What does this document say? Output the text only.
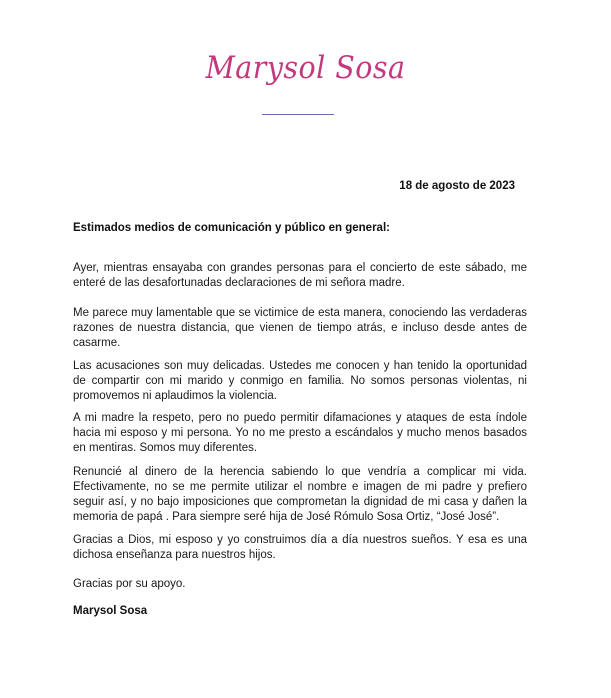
Marysol Sosa
18 de agosto de 2023
Estimados medios de comunicación y público en general:
Ayer, mientras ensayaba con grandes personas para el concierto de este sábado, me enteré de las desafortunadas declaraciones de mi señora madre.
Me parece muy lamentable que se victimice de esta manera, conociendo las verdaderas razones de nuestra distancia, que vienen de tiempo atrás, e incluso desde antes de casarme.
Las acusaciones son muy delicadas. Ustedes me conocen y han tenido la oportunidad de compartir con mi marido y conmigo en familia. No somos personas violentas, ni promovemos ni aplaudimos la violencia.
A mi madre la respeto, pero no puedo permitir difamaciones y ataques de esta índole hacia mi esposo y mi persona. Yo no me presto a escándalos y mucho menos basados en mentiras. Somos muy diferentes.
Renuncié al dinero de la herencia sabiendo lo que vendría a complicar mi vida. Efectivamente, no se me permite utilizar el nombre e imagen de mi padre y prefiero seguir así, y no bajo imposiciones que comprometan la dignidad de mi casa y dañen la memoria de papá . Para siempre seré hija de José Rómulo Sosa Ortiz, “José José”.
Gracias a Dios, mi esposo y yo construimos día a día nuestros sueños. Y esa es una dichosa enseñanza para nuestros hijos.
Gracias por su apoyo.
Marysol Sosa
